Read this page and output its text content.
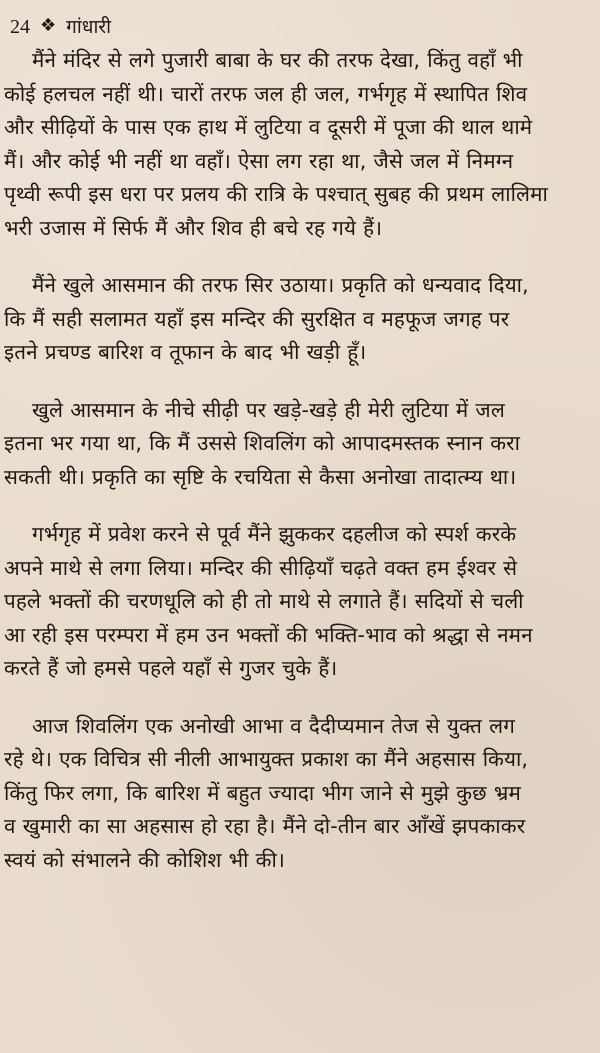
24 ❖ गांधारी
मैंने मंदिर से लगे पुजारी बाबा के घर की तरफ देखा, किंतु वहाँ भी
कोई हलचल नहीं थी। चारों तरफ जल ही जल, गर्भगृह में स्थापित शिव
और सीढ़ियों के पास एक हाथ में लुटिया व दूसरी में पूजा की थाल थामे
मैं। और कोई भी नहीं था वहाँ। ऐसा लग रहा था, जैसे जल में निमग्न
पृथ्वी रूपी इस धरा पर प्रलय की रात्रि के पश्चात् सुबह की प्रथम लालिमा
भरी उजास में सिर्फ मैं और शिव ही बचे रह गये हैं।
मैंने खुले आसमान की तरफ सिर उठाया। प्रकृति को धन्यवाद दिया,
कि मैं सही सलामत यहाँ इस मन्दिर की सुरक्षित व महफूज जगह पर
इतने प्रचण्ड बारिश व तूफान के बाद भी खड़ी हूँ।
खुले आसमान के नीचे सीढ़ी पर खड़े-खड़े ही मेरी लुटिया में जल
इतना भर गया था, कि मैं उससे शिवलिंग को आपादमस्तक स्नान करा
सकती थी। प्रकृति का सृष्टि के रचयिता से कैसा अनोखा तादात्म्य था।
गर्भगृह में प्रवेश करने से पूर्व मैंने झुककर दहलीज को स्पर्श करके
अपने माथे से लगा लिया। मन्दिर की सीढ़ियाँ चढ़ते वक्त हम ईश्वर से
पहले भक्तों की चरणधूलि को ही तो माथे से लगाते हैं। सदियों से चली
आ रही इस परम्परा में हम उन भक्तों की भक्ति-भाव को श्रद्धा से नमन
करते हैं जो हमसे पहले यहाँ से गुजर चुके हैं।
आज शिवलिंग एक अनोखी आभा व दैदीप्यमान तेज से युक्त लग
रहे थे। एक विचित्र सी नीली आभायुक्त प्रकाश का मैंने अहसास किया,
किंतु फिर लगा, कि बारिश में बहुत ज्यादा भीग जाने से मुझे कुछ भ्रम
व खुमारी का सा अहसास हो रहा है। मैंने दो-तीन बार आँखें झपकाकर
स्वयं को संभालने की कोशिश भी की।
